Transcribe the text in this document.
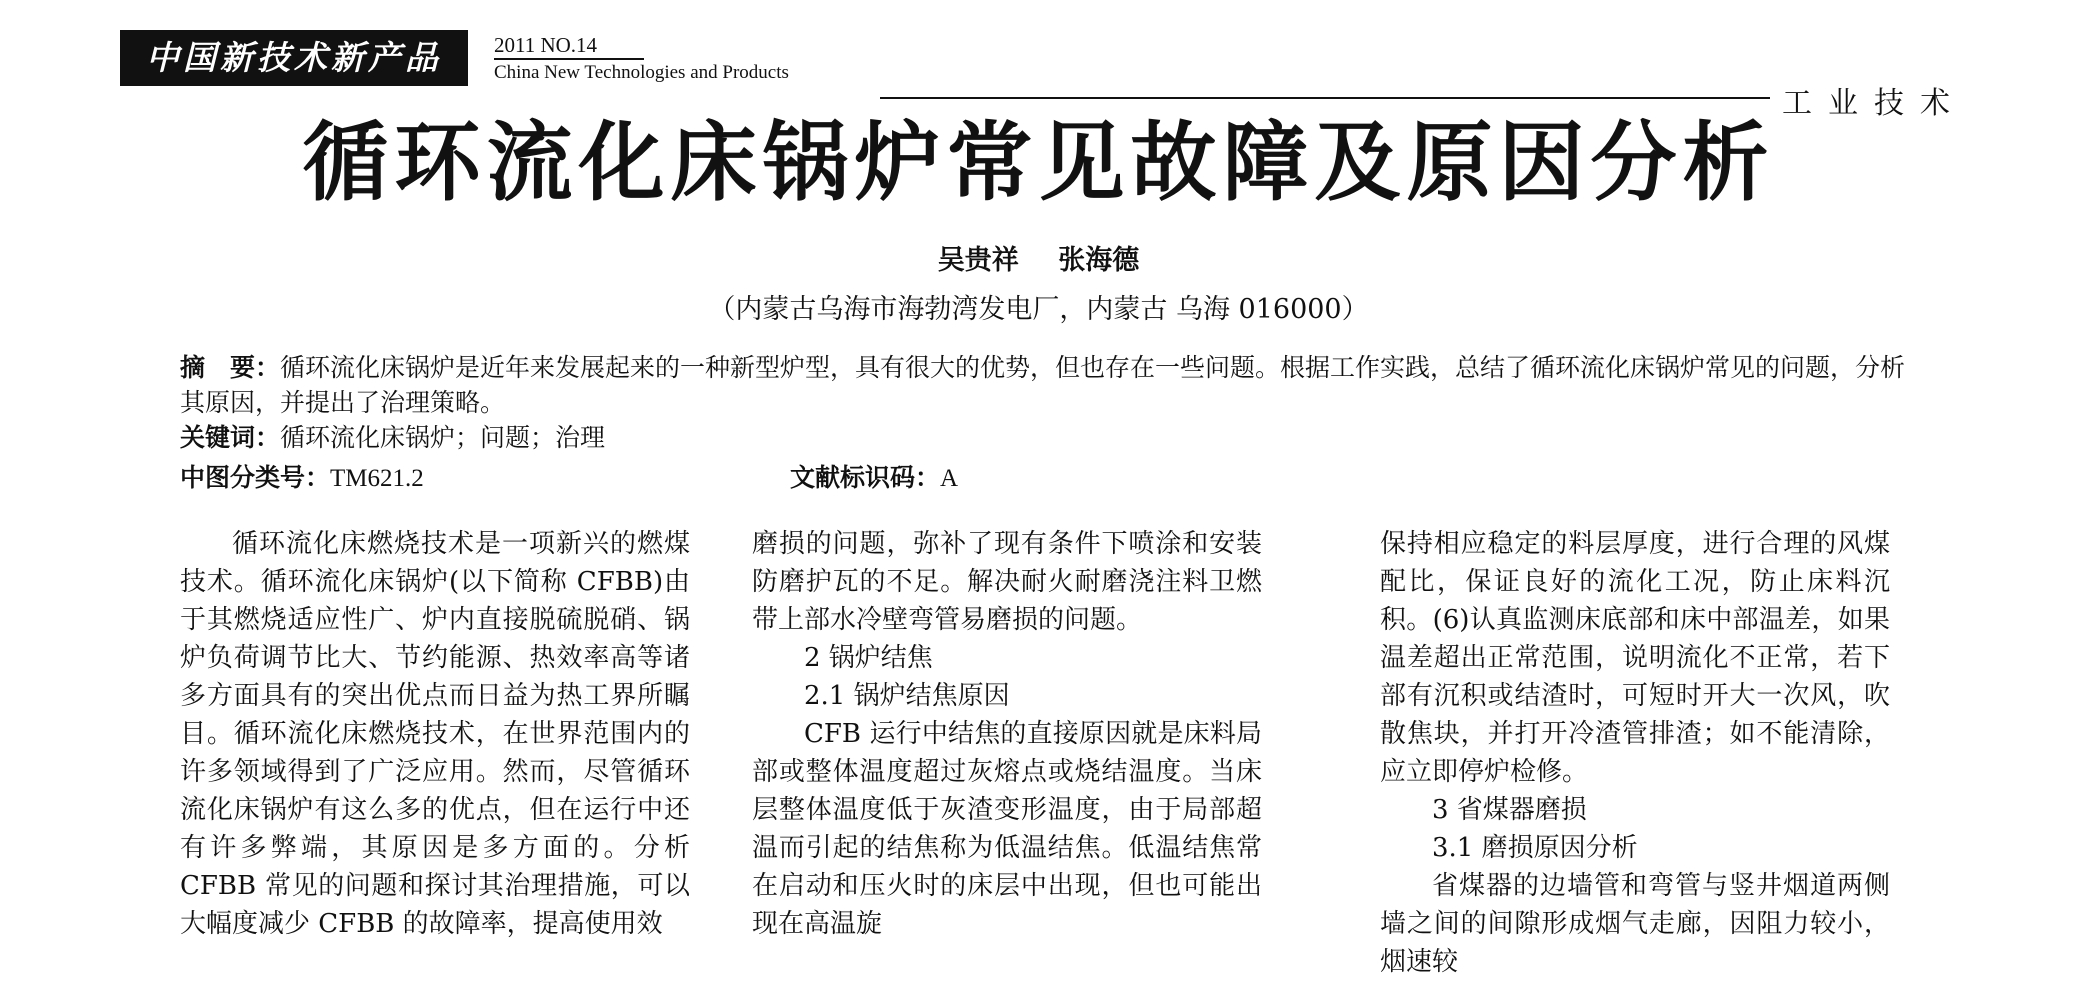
中国新技术新产品	2011 NO.14
China New Technologies and Products
工业技术
循环流化床锅炉常见故障及原因分析
吴贵祥 张海德
（内蒙古乌海市海勃湾发电厂，内蒙古 乌海 016000）
摘　要：循环流化床锅炉是近年来发展起来的一种新型炉型，具有很大的优势，但也存在一些问题。根据工作实践，总结了循环流化床锅炉常见的问题，分析其原因，并提出了治理策略。
关键词：循环流化床锅炉；问题；治理
中图分类号：TM621.2	文献标识码：A

循环流化床燃烧技术是一项新兴的燃煤技术。循环流化床锅炉(以下简称 CFBB)由于其燃烧适应性广、炉内直接脱硫脱硝、锅炉负荷调节比大、节约能源、热效率高等诸多方面具有的突出优点而日益为热工界所瞩目。循环流化床燃烧技术，在世界范围内的许多领域得到了广泛应用。然而，尽管循环流化床锅炉有这么多的优点，但在运行中还有许多弊端，其原因是多方面的。分析 CFBB 常见的问题和探讨其治理措施，可以大幅度减少 CFBB 的故障率，提高使用效

磨损的问题，弥补了现有条件下喷涂和安装防磨护瓦的不足。解决耐火耐磨浇注料卫燃带上部水冷壁弯管易磨损的问题。

2 锅炉结焦

2.1 锅炉结焦原因

CFB 运行中结焦的直接原因就是床料局部或整体温度超过灰熔点或烧结温度。当床层整体温度低于灰渣变形温度，由于局部超温而引起的结焦称为低温结焦。低温结焦常在启动和压火时的床层中出现，但也可能出现在高温旋

保持相应稳定的料层厚度，进行合理的风煤配比，保证良好的流化工况，防止床料沉积。(6)认真监测床底部和床中部温差，如果温差超出正常范围，说明流化不正常，若下部有沉积或结渣时，可短时开大一次风，吹散焦块，并打开冷渣管排渣；如不能清除，应立即停炉检修。

3 省煤器磨损

3.1 磨损原因分析

省煤器的边墙管和弯管与竖井烟道两侧墙之间的间隙形成烟气走廊，因阻力较小，烟速较
